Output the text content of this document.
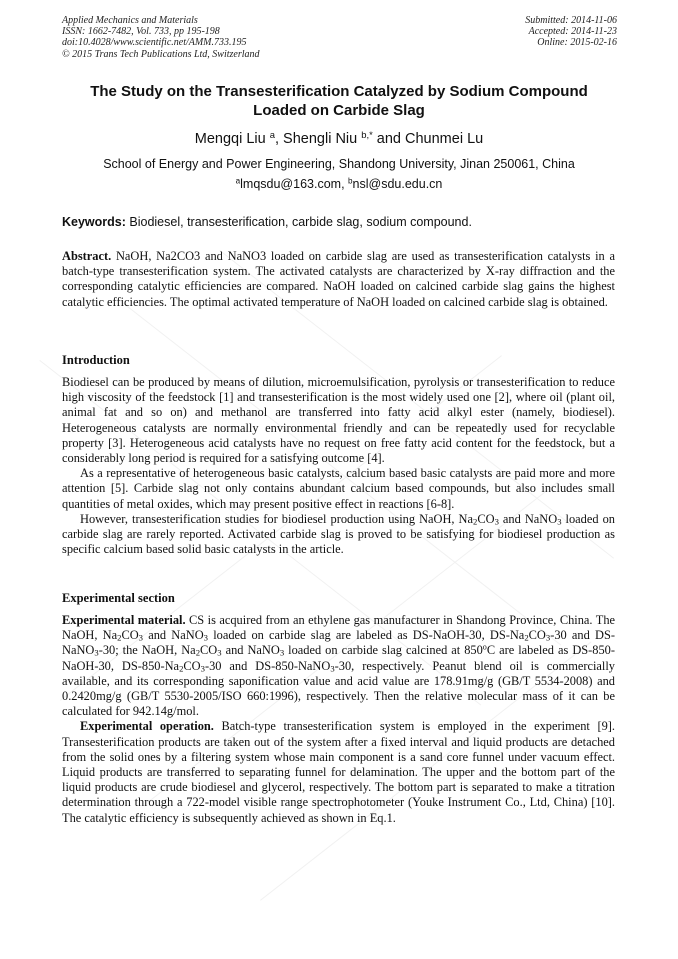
Applied Mechanics and Materials
ISSN: 1662-7482, Vol. 733, pp 195-198
doi:10.4028/www.scientific.net/AMM.733.195
© 2015 Trans Tech Publications Ltd, Switzerland
Submitted: 2014-11-06
Accepted: 2014-11-23
Online: 2015-02-16
The Study on the Transesterification Catalyzed by Sodium Compound
Loaded on Carbide Slag
Mengqi Liu $^a$, Shengli Niu $^{b,*}$ and Chunmei Lu
School of Energy and Power Engineering, Shandong University, Jinan 250061, China
$^a$lmqsdu@163.com, $^b$nsl@sdu.edu.cn
Keywords: Biodiesel, transesterification, carbide slag, sodium compound.

Abstract. NaOH, Na2CO3 and NaNO3 loaded on carbide slag are used as transesterification catalysts in a batch-type transesterification system. The activated catalysts are characterized by X-ray diffraction and the corresponding catalytic efficiencies are compared. NaOH loaded on calcined carbide slag gains the highest catalytic efficiencies. The optimal activated temperature of NaOH loaded on calcined carbide slag is obtained.

Introduction

Biodiesel can be produced by means of dilution, microemulsification, pyrolysis or transesterification to reduce high viscosity of the feedstock [1] and transesterification is the most widely used one [2], where oil (plant oil, animal fat and so on) and methanol are transferred into fatty acid alkyl ester (namely, biodiesel). Heterogeneous catalysts are normally environmental friendly and can be repeatedly used for recyclable property [3]. Heterogeneous acid catalysts have no request on free fatty acid content for the feedstock, but a considerably long period is required for a satisfying outcome [4].

As a representative of heterogeneous basic catalysts, calcium based basic catalysts are paid more and more attention [5]. Carbide slag not only contains abundant calcium based compounds, but also includes small quantities of metal oxides, which may present positive effect in reactions [6-8].

However, transesterification studies for biodiesel production using NaOH, $Na_2CO_3$ and NaNO$_3$ loaded on carbide slag are rarely reported. Activated carbide slag is proved to be satisfying for biodiesel production as specific calcium based solid basic catalysts in the article.

Experimental section

Experimental material. CS is acquired from an ethylene gas manufacturer in Shandong Province, China. The NaOH, $Na_2CO_3$ and NaNO$_3$ loaded on carbide slag are labeled as DS-NaOH-30, $DS-Na_2CO_3-30$ and DS-NaNO$_3$-30; the NaOH, $Na_2CO_3$ and NaNO$_3$ loaded on carbide slag calcined at 850$^o$C are labeled as DS-850-NaOH-30, $DS-850-Na_2CO_3-30$ and DS-850-NaNO$_3$-30, respectively. Peanut blend oil is commercially available, and its corresponding saponification value and acid value are 178.91mg/g (GB/T 5534-2008) and 0.2420mg/g (GB/T 5530-2005/ISO 660:1996), respectively. Then the relative molecular mass of it can be calculated for 942.14g/mol.

Experimental operation. Batch-type transesterification system is employed in the experiment [9]. Transesterification products are taken out of the system after a fixed interval and liquid products are detached from the solid ones by a filtering system whose main component is a sand core funnel under vacuum effect. Liquid products are transferred to separating funnel for delamination. The upper and the bottom part of the liquid products are crude biodiesel and glycerol, respectively. The bottom part is separated to make a titration determination through a 722-model visible range spectrophotometer (Youke Instrument Co., Ltd, China) [10]. The catalytic efficiency is subsequently achieved as shown in Eq.1.
